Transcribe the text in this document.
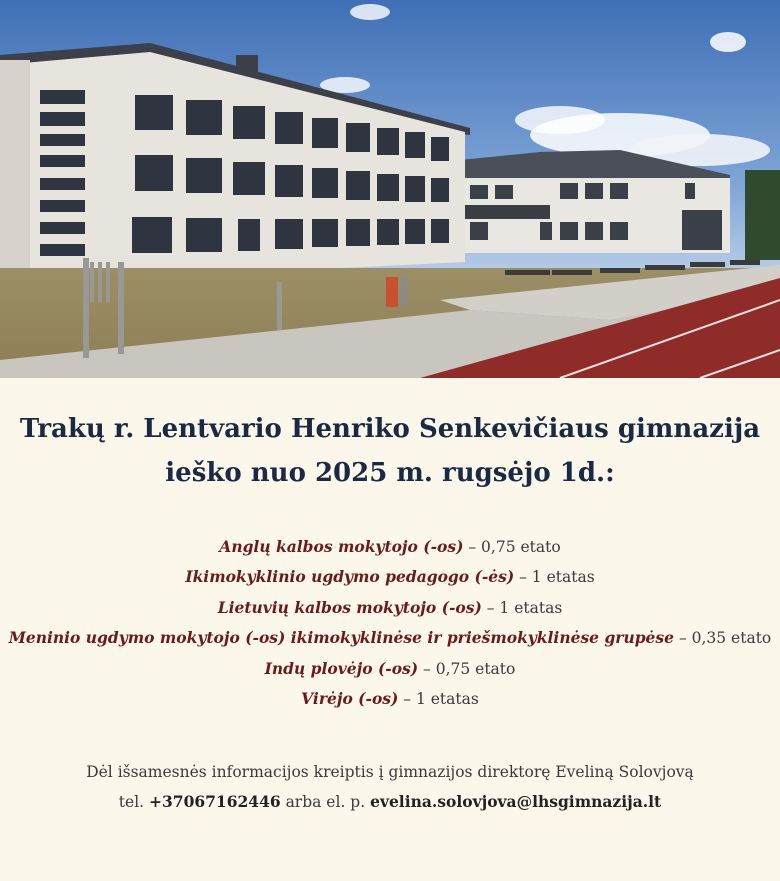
Trakų r. Lentvario Henriko Senkevičiaus gimnazija
ieško nuo 2025 m. rugsėjo 1d.:
Anglų kalbos mokytojo (-os) – 0,75 etato
Ikimokyklinio ugdymo pedagogo (-ės) – 1 etatas
Lietuvių kalbos mokytojo (-os) – 1 etatas
Meninio ugdymo mokytojo (-os) ikimokyklinėse ir priešmokyklinėse grupėse – 0,35 etato
Indų plovėjo (-os) – 0,75 etato
Virėjo (-os) – 1 etatas
Dėl išsamesnės informacijos kreiptis į gimnazijos direktorę Eveliną Solovjovą
tel. +37067162446 arba el. p. evelina.solovjova@lhsgimnazija.lt
